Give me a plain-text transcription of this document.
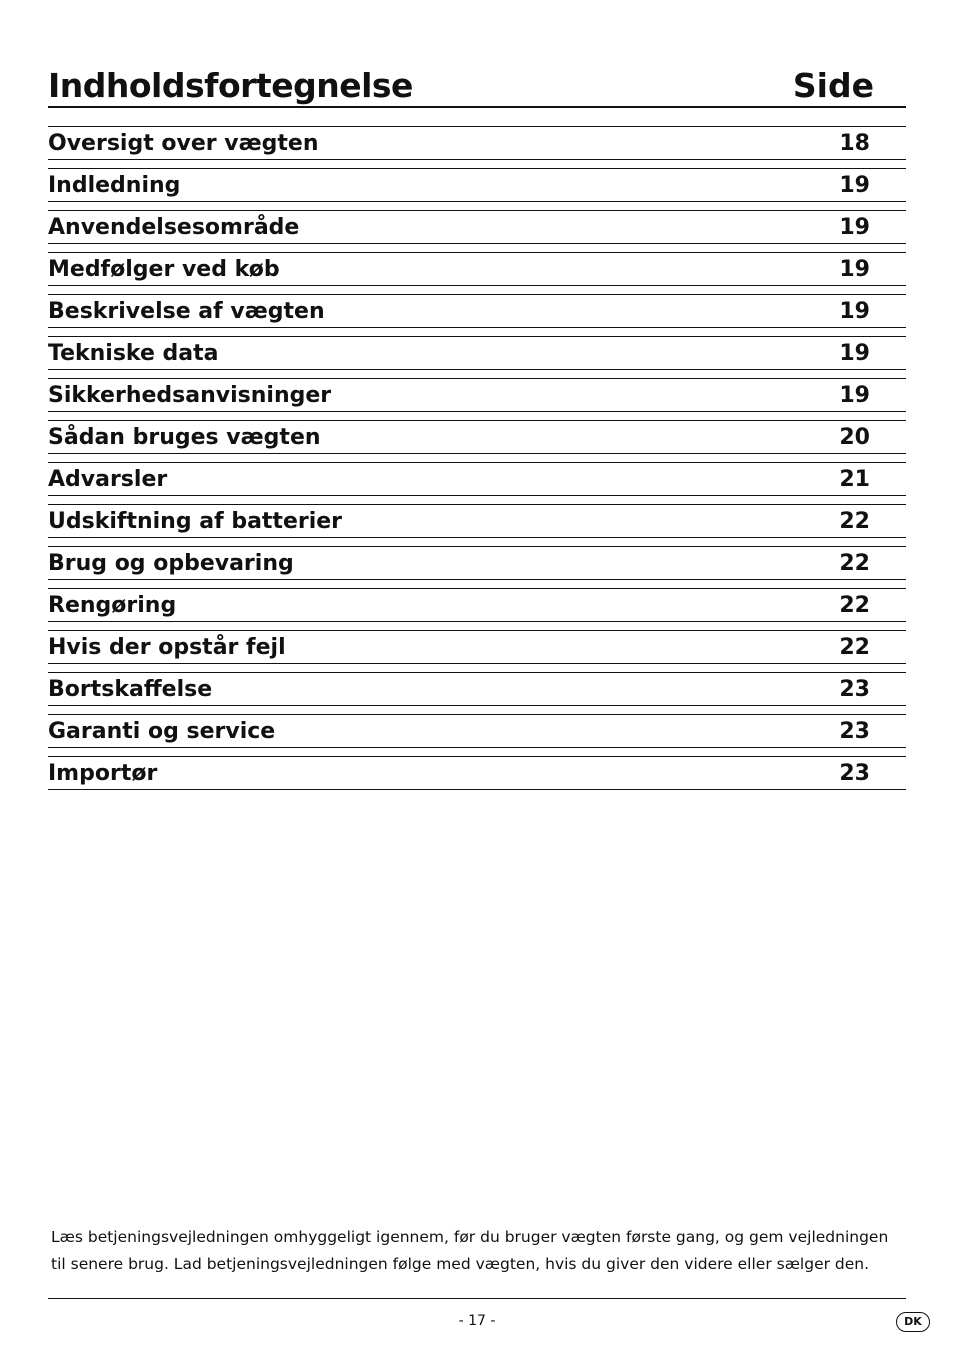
Indholdsfortegnelse	Side
Oversigt over vægten	18
Indledning	19
Anvendelsesområde	19
Medfølger ved køb	19
Beskrivelse af vægten	19
Tekniske data	19
Sikkerhedsanvisninger	19
Sådan bruges vægten	20
Advarsler	21
Udskiftning af batterier	22
Brug og opbevaring	22
Rengøring	22
Hvis der opstår fejl	22
Bortskaffelse	23
Garanti og service	23
Importør	23

Læs betjeningsvejledningen omhyggeligt igennem, før du bruger vægten første gang, og gem vejledningen

til senere brug. Lad betjeningsvejledningen følge med vægten, hvis du giver den videre eller sælger den.

- 17 -	DK
